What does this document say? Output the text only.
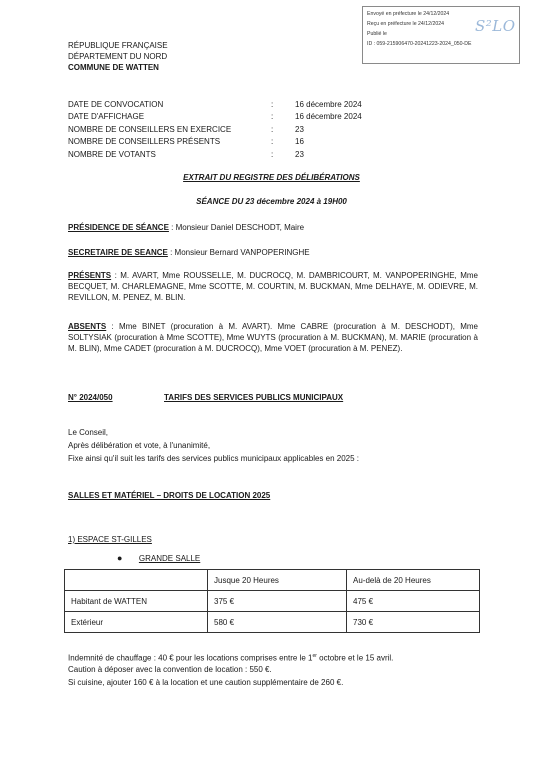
Envoyé en préfecture le 24/12/2024
Reçu en préfecture le 24/12/2024
Publié le
ID : 059-215906470-20241223-2024_050-DE
S²LO
RÉPUBLIQUE FRANÇAISE
DÉPARTEMENT DU NORD
COMMUNE DE WATTEN
DATE DE CONVOCATION	:	16 décembre 2024
DATE D'AFFICHAGE	:	16 décembre 2024
NOMBRE DE CONSEILLERS EN EXERCICE	:	23
NOMBRE DE CONSEILLERS PRÉSENTS	:	16
NOMBRE DE VOTANTS	:	23
EXTRAIT DU REGISTRE DES DÉLIBÉRATIONS
SÉANCE DU 23 décembre 2024 à 19H00
PRÉSIDENCE DE SÉANCE : Monsieur Daniel DESCHODT, Maire
SECRETAIRE DE SEANCE : Monsieur Bernard VANPOPERINGHE
PRÉSENTS : M. AVART, Mme ROUSSELLE, M. DUCROCQ, M. DAMBRICOURT, M. VANPOPERINGHE, Mme BECQUET, M. CHARLEMAGNE, Mme SCOTTE, M. COURTIN, M. BUCKMAN, Mme DELHAYE, M. ODIEVRE, M. REVILLON, M. PENEZ, M. BLIN.
ABSENTS : Mme BINET (procuration à M. AVART). Mme CABRE (procuration à M. DESCHODT), Mme SOLTYSIAK (procuration à Mme SCOTTE), Mme WUYTS (procuration à M. BUCKMAN), M. MARIE (procuration à M. BLIN), Mme CADET (procuration à M. DUCROCQ), Mme VOET (procuration à M. PENEZ).
N° 2024/050	TARIFS DES SERVICES PUBLICS MUNICIPAUX
Le Conseil,
Après délibération et vote, à l'unanimité,
Fixe ainsi qu'il suit les tarifs des services publics municipaux applicables en 2025 :
SALLES ET MATÉRIEL – DROITS DE LOCATION 2025
1) ESPACE ST-GILLES
● GRANDE SALLE
	Jusque 20 Heures	Au-delà de 20 Heures
Habitant de WATTEN	375 €	475 €
Extérieur	580 €	730 €
Indemnité de chauffage : 40 € pour les locations comprises entre le 1er octobre et le 15 avril.
Caution à déposer avec la convention de location : 550 €.
Si cuisine, ajouter 160 € à la location et une caution supplémentaire de 260 €.
